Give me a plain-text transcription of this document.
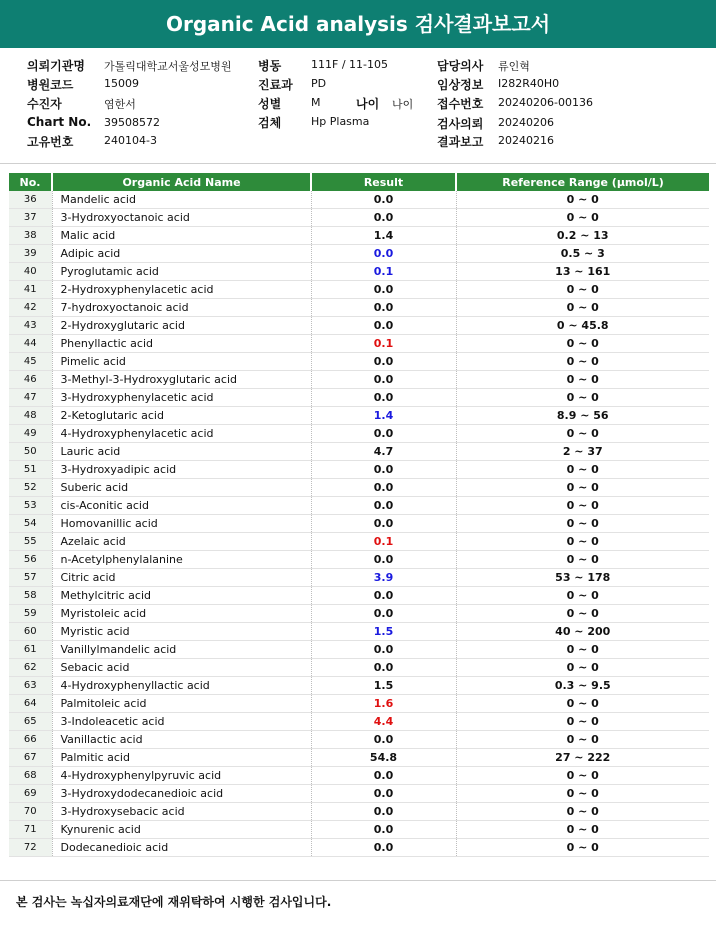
Organic Acid analysis 검사결과보고서
의뢰기관명 가톨릭대학교서울성모병원
병원코드	15009
수진자	염한서
Chart No. 39508572
고유번호	240104-3
병동	111F / 11-105
진료과 PD
성별	M	나이 나이
검체	Hp Plasma
담당의사 류인혁
임상정보 I282R40H0
접수번호 20240206-00136
검사의뢰 20240206
결과보고 20240216
No.	Organic Acid Name	Result	Reference Range (μmol/L)
36	Mandelic acid	0.0	0 ~ 0
37	3-Hydroxyoctanoic acid	0.0	0 ~ 0
38	Malic acid	1.4	0.2 ~ 13
39	Adipic acid	0.0	0.5 ~ 3
40	Pyroglutamic acid	0.1	13 ~ 161
41	2-Hydroxyphenylacetic acid	0.0	0 ~ 0
42	7-hydroxyoctanoic acid	0.0	0 ~ 0
43	2-Hydroxyglutaric acid	0.0	0 ~ 45.8
44	Phenyllactic acid	0.1	0 ~ 0
45	Pimelic acid	0.0	0 ~ 0
46	3-Methyl-3-Hydroxyglutaric acid	0.0	0 ~ 0
47	3-Hydroxyphenylacetic acid	0.0	0 ~ 0
48	2-Ketoglutaric acid	1.4	8.9 ~ 56
49	4-Hydroxyphenylacetic acid	0.0	0 ~ 0
50	Lauric acid	4.7	2 ~ 37
51	3-Hydroxyadipic acid	0.0	0 ~ 0
52	Suberic acid	0.0	0 ~ 0
53	cis-Aconitic acid	0.0	0 ~ 0
54	Homovanillic acid	0.0	0 ~ 0
55	Azelaic acid	0.1	0 ~ 0
56	n-Acetylphenylalanine	0.0	0 ~ 0
57	Citric acid	3.9	53 ~ 178
58	Methylcitric acid	0.0	0 ~ 0
59	Myristoleic acid	0.0	0 ~ 0
60	Myristic acid	1.5	40 ~ 200
61	Vanillylmandelic acid	0.0	0 ~ 0
62	Sebacic acid	0.0	0 ~ 0
63	4-Hydroxyphenyllactic acid	1.5	0.3 ~ 9.5
64	Palmitoleic acid	1.6	0 ~ 0
65	3-Indoleacetic acid	4.4	0 ~ 0
66	Vanillactic acid	0.0	0 ~ 0
67	Palmitic acid	54.8	27 ~ 222
68	4-Hydroxyphenylpyruvic acid	0.0	0 ~ 0
69	3-Hydroxydodecanedioic acid	0.0	0 ~ 0
70	3-Hydroxysebacic acid	0.0	0 ~ 0
71	Kynurenic acid	0.0	0 ~ 0
72	Dodecanedioic acid	0.0	0 ~ 0
본 검사는 녹십자의료재단에 재위탁하여 시행한 검사입니다.
